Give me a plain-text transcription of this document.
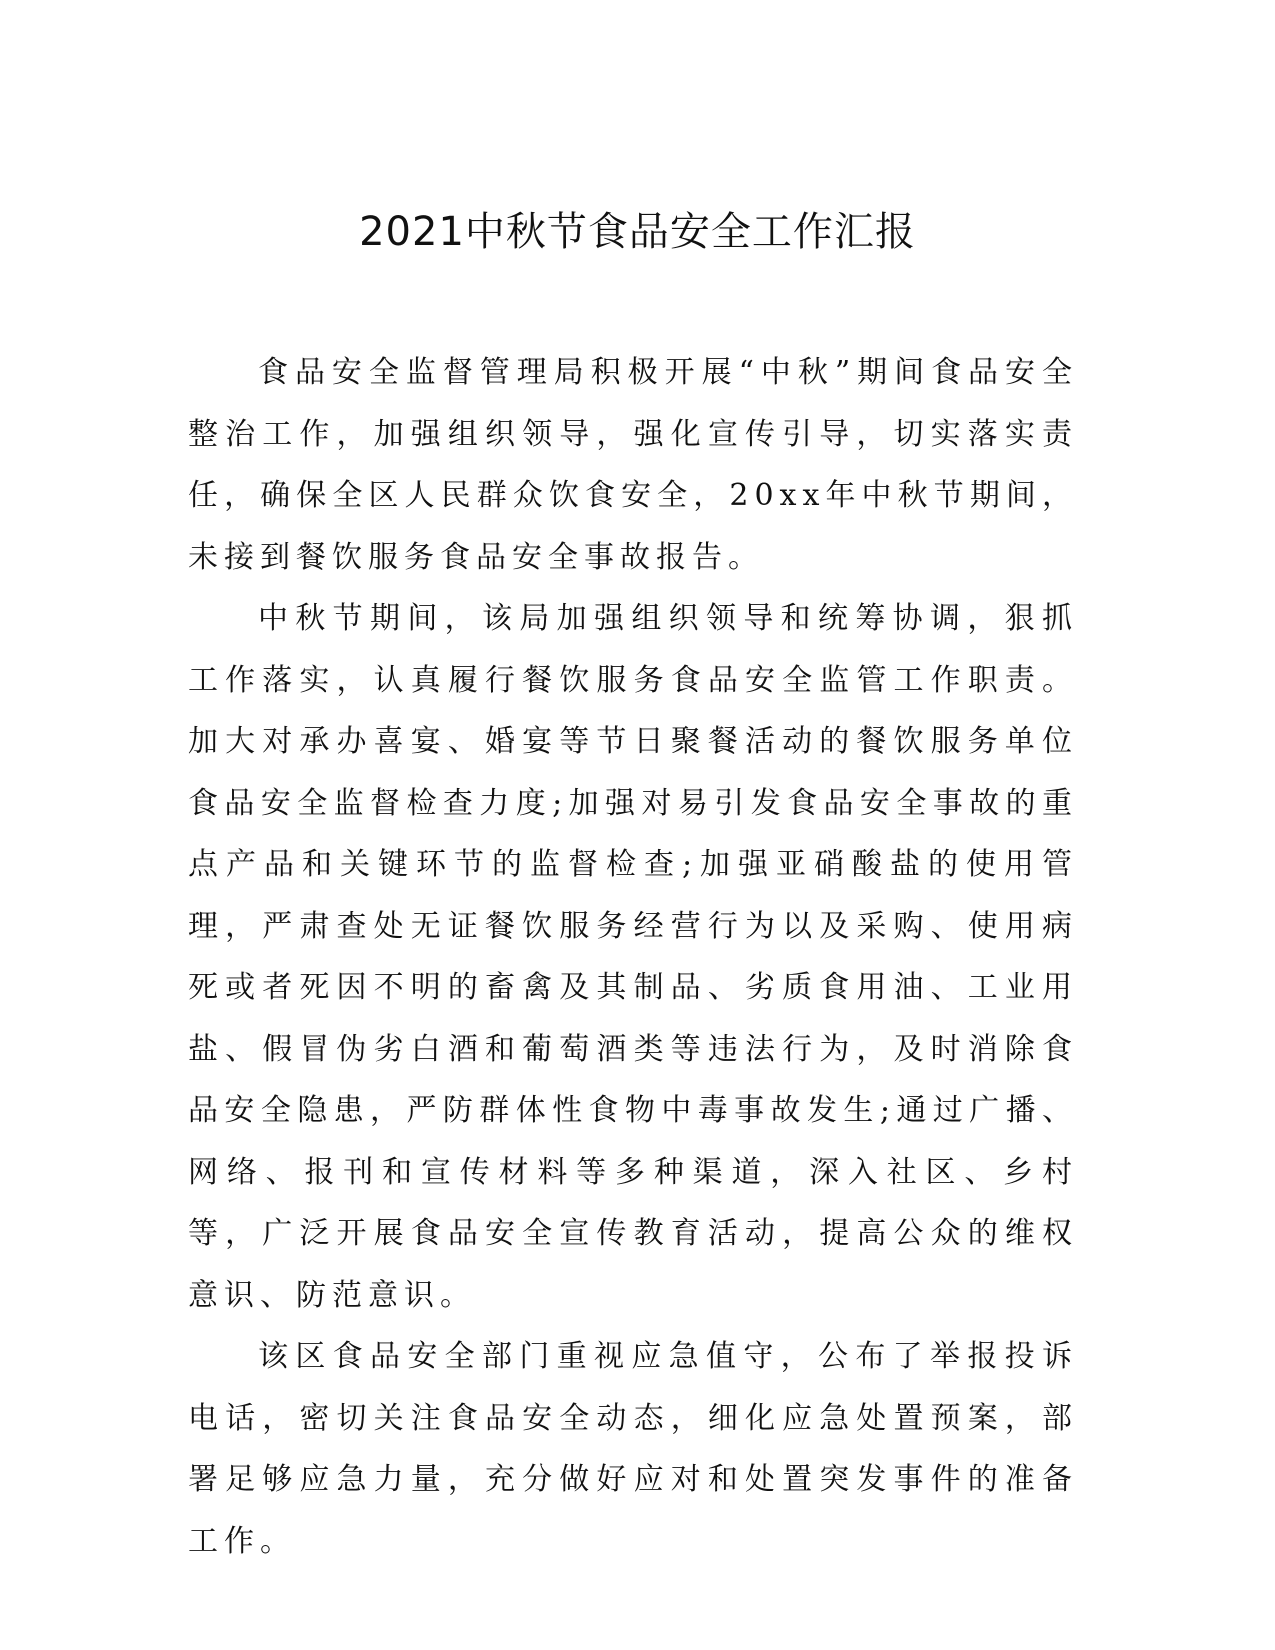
2021中秋节食品安全工作汇报

食品安全监督管理局积极开展“中秋”期间食品安全整治工作，加强组织领导，强化宣传引导，切实落实责任，确保全区人民群众饮食安全，20xx年中秋节期间，未接到餐饮服务食品安全事故报告。

中秋节期间，该局加强组织领导和统筹协调，狠抓工作落实，认真履行餐饮服务食品安全监管工作职责。加大对承办喜宴、婚宴等节日聚餐活动的餐饮服务单位食品安全监督检查力度;加强对易引发食品安全事故的重点产品和关键环节的监督检查;加强亚硝酸盐的使用管理，严肃查处无证餐饮服务经营行为以及采购、使用病死或者死因不明的畜禽及其制品、劣质食用油、工业用盐、假冒伪劣白酒和葡萄酒类等违法行为，及时消除食品安全隐患，严防群体性食物中毒事故发生;通过广播、网络、报刊和宣传材料等多种渠道，深入社区、乡村等，广泛开展食品安全宣传教育活动，提高公众的维权意识、防范意识。

该区食品安全部门重视应急值守，公布了举报投诉电话，密切关注食品安全动态，细化应急处置预案，部署足够应急力量，充分做好应对和处置突发事件的准备工作。
